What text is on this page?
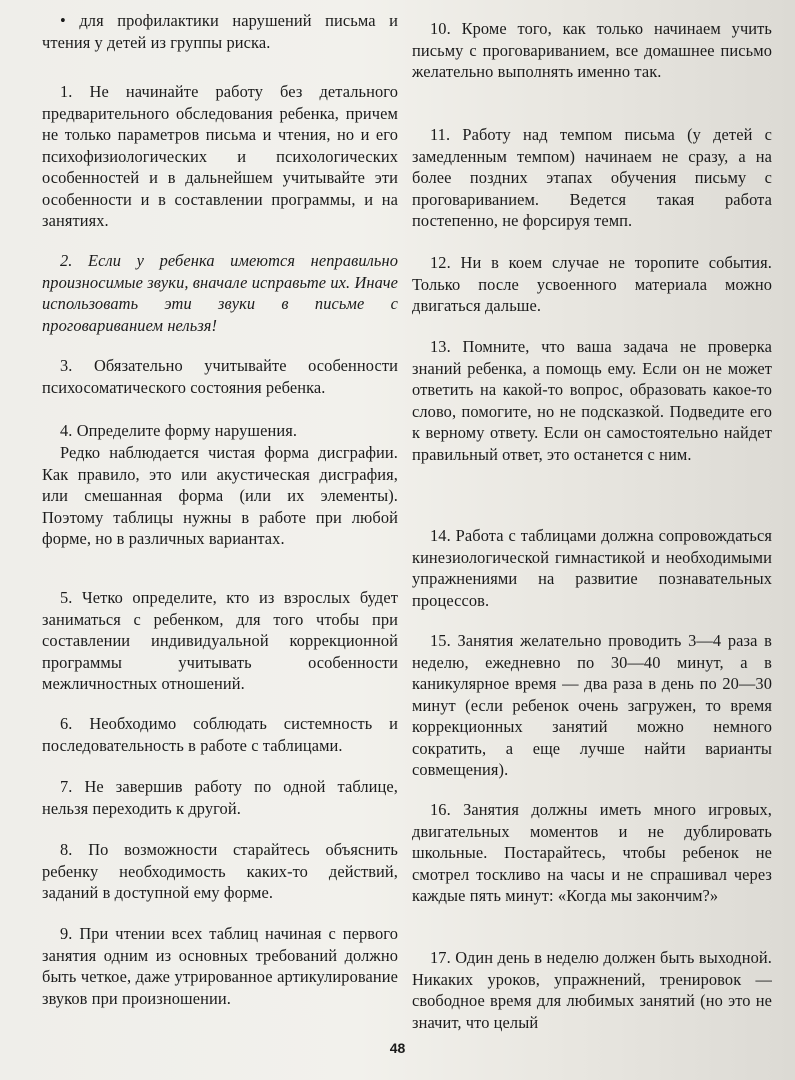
• для профилактики нарушений письма и чтения у детей из группы риска.

1. Не начинайте работу без детального предварительного обследования ребенка, причем не только параметров письма и чтения, но и его психофизиологических и психологических особенностей и в дальнейшем учитывайте эти особенности и в составлении программы, и на занятиях.

2. Если у ребенка имеются неправильно произносимые звуки, вначале исправьте их. Иначе использовать эти звуки в письме с проговариванием нельзя!

3. Обязательно учитывайте особенности психосоматического состояния ребенка.

4. Определите форму нарушения.

Редко наблюдается чистая форма дисграфии. Как правило, это или акустическая дисграфия, или смешанная форма (или их элементы). Поэтому таблицы нужны в работе при любой форме, но в различных вариантах.

5. Четко определите, кто из взрослых будет заниматься с ребенком, для того чтобы при составлении индивидуальной коррекционной программы учитывать особенности межличностных отношений.

6. Необходимо соблюдать системность и последовательность в работе с таблицами.

7. Не завершив работу по одной таблице, нельзя переходить к другой.

8. По возможности старайтесь объяснить ребенку необходимость каких-то действий, заданий в доступной ему форме.

9. При чтении всех таблиц начиная с первого занятия одним из основных требований должно быть четкое, даже утрированное артикулирование звуков при произношении.

10. Кроме того, как только начинаем учить письму с проговариванием, все домашнее письмо желательно выполнять именно так.

11. Работу над темпом письма (у детей с замедленным темпом) начинаем не сразу, а на более поздних этапах обучения письму с проговариванием. Ведется такая работа постепенно, не форсируя темп.

12. Ни в коем случае не торопите события. Только после усвоенного материала можно двигаться дальше.

13. Помните, что ваша задача не проверка знаний ребенка, а помощь ему. Если он не может ответить на какой-то вопрос, образовать какое-то слово, помогите, но не подсказкой. Подведите его к верному ответу. Если он самостоятельно найдет правильный ответ, это останется с ним.

14. Работа с таблицами должна сопровождаться кинезиологической гимнастикой и необходимыми упражнениями на развитие познавательных процессов.

15. Занятия желательно проводить 3—4 раза в неделю, ежедневно по 30—40 минут, а в каникулярное время — два раза в день по 20—30 минут (если ребенок очень загружен, то время коррекционных занятий можно немного сократить, а еще лучше найти варианты совмещения).

16. Занятия должны иметь много игровых, двигательных моментов и не дублировать школьные. Постарайтесь, чтобы ребенок не смотрел тоскливо на часы и не спрашивал через каждые пять минут: «Когда мы закончим?»

17. Один день в неделю должен быть выходной. Никаких уроков, упражнений, тренировок — свободное время для любимых занятий (но это не значит, что целый

48
